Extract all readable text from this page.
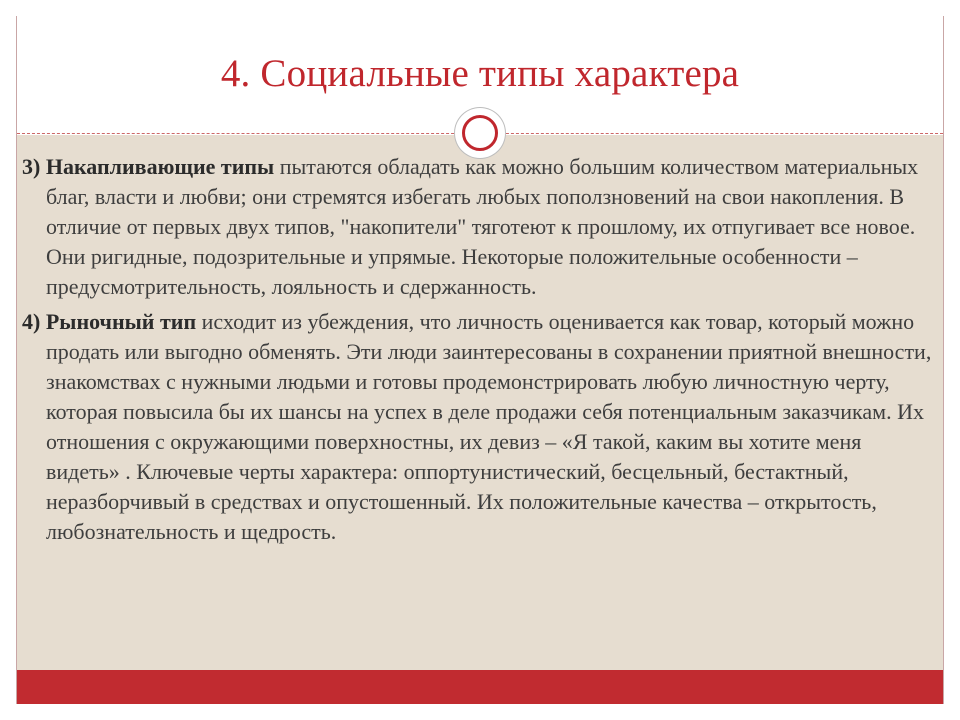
4. Социальные типы характера

3) Накапливающие типы пытаются обладать как можно большим количеством материальных благ, власти и любви; они стремятся избегать любых поползновений на свои накопления. В отличие от первых двух типов, "накопители" тяготеют к прошлому, их отпугивает все новое. Они ригидные, подозрительные и упрямые. Некоторые положительные особенности – предусмотрительность, лояльность и сдержанность.

4) Рыночный тип исходит из убеждения, что личность оценивается как товар, который можно продать или выгодно обменять. Эти люди заинтересованы в сохранении приятной внешности, знакомствах с нужными людьми и готовы продемонстрировать любую личностную черту, которая повысила бы их шансы на успех в деле продажи себя потенциальным заказчикам. Их отношения с окружающими поверхностны, их девиз – «Я такой, каким вы хотите меня видеть» . Ключевые черты характера: оппортунистический, бесцельный, бестактный, неразборчивый в средствах и опустошенный. Их положительные качества – открытость, любознательность и щедрость.
